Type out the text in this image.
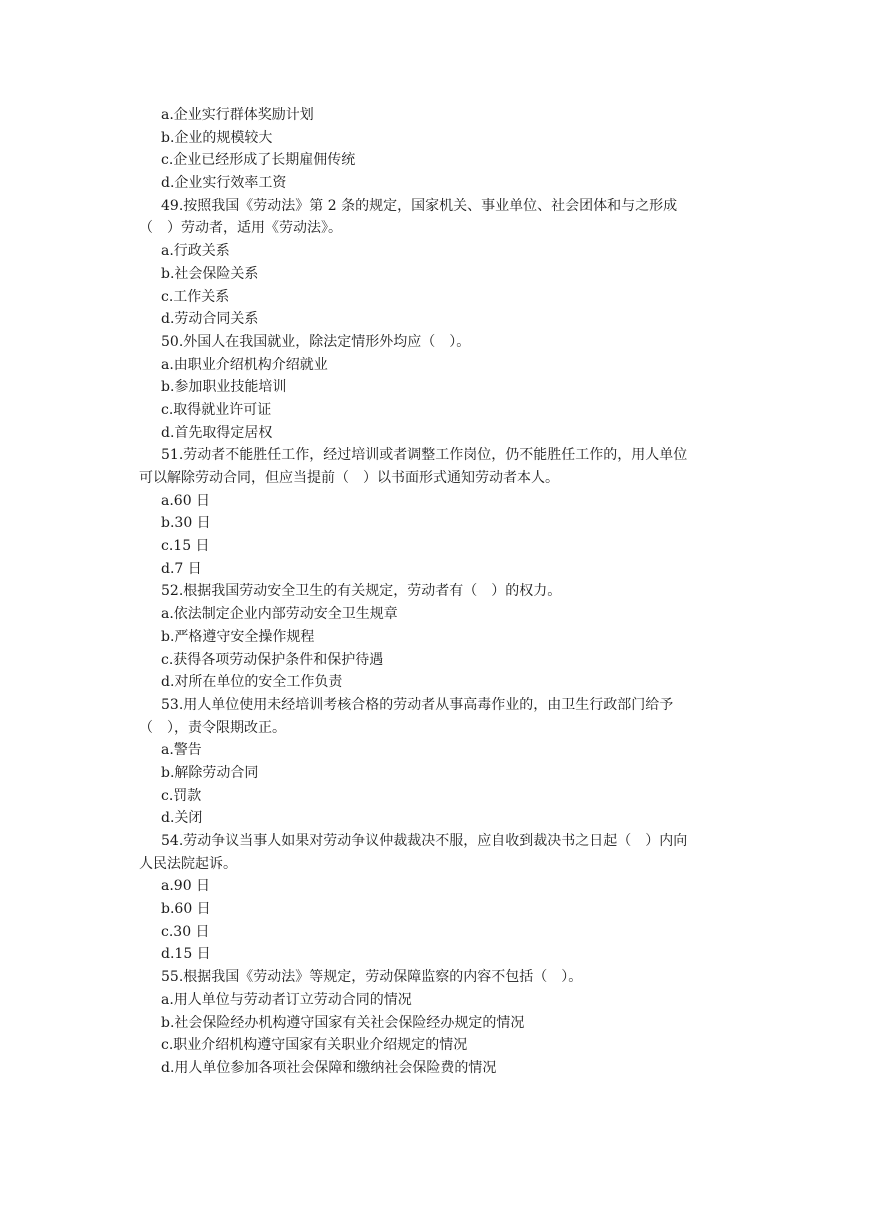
a.企业实行群体奖励计划
b.企业的规模较大
c.企业已经形成了长期雇佣传统
d.企业实行效率工资
49.按照我国《劳动法》第 2 条的规定，国家机关、事业单位、社会团体和与之形成
（　）劳动者，适用《劳动法》。
a.行政关系
b.社会保险关系
c.工作关系
d.劳动合同关系
50.外国人在我国就业，除法定情形外均应（　）。
a.由职业介绍机构介绍就业
b.参加职业技能培训
c.取得就业许可证
d.首先取得定居权
51.劳动者不能胜任工作，经过培训或者调整工作岗位，仍不能胜任工作的，用人单位
可以解除劳动合同，但应当提前（　）以书面形式通知劳动者本人。
a.60 日
b.30 日
c.15 日
d.7 日
52.根据我国劳动安全卫生的有关规定，劳动者有（　）的权力。
a.依法制定企业内部劳动安全卫生规章
b.严格遵守安全操作规程
c.获得各项劳动保护条件和保护待遇
d.对所在单位的安全工作负责
53.用人单位使用未经培训考核合格的劳动者从事高毒作业的，由卫生行政部门给予
（　），责令限期改正。
a.警告
b.解除劳动合同
c.罚款
d.关闭
54.劳动争议当事人如果对劳动争议仲裁裁决不服，应自收到裁决书之日起（　）内向
人民法院起诉。
a.90 日
b.60 日
c.30 日
d.15 日
55.根据我国《劳动法》等规定，劳动保障监察的内容不包括（　）。
a.用人单位与劳动者订立劳动合同的情况
b.社会保险经办机构遵守国家有关社会保险经办规定的情况
c.职业介绍机构遵守国家有关职业介绍规定的情况
d.用人单位参加各项社会保障和缴纳社会保险费的情况
